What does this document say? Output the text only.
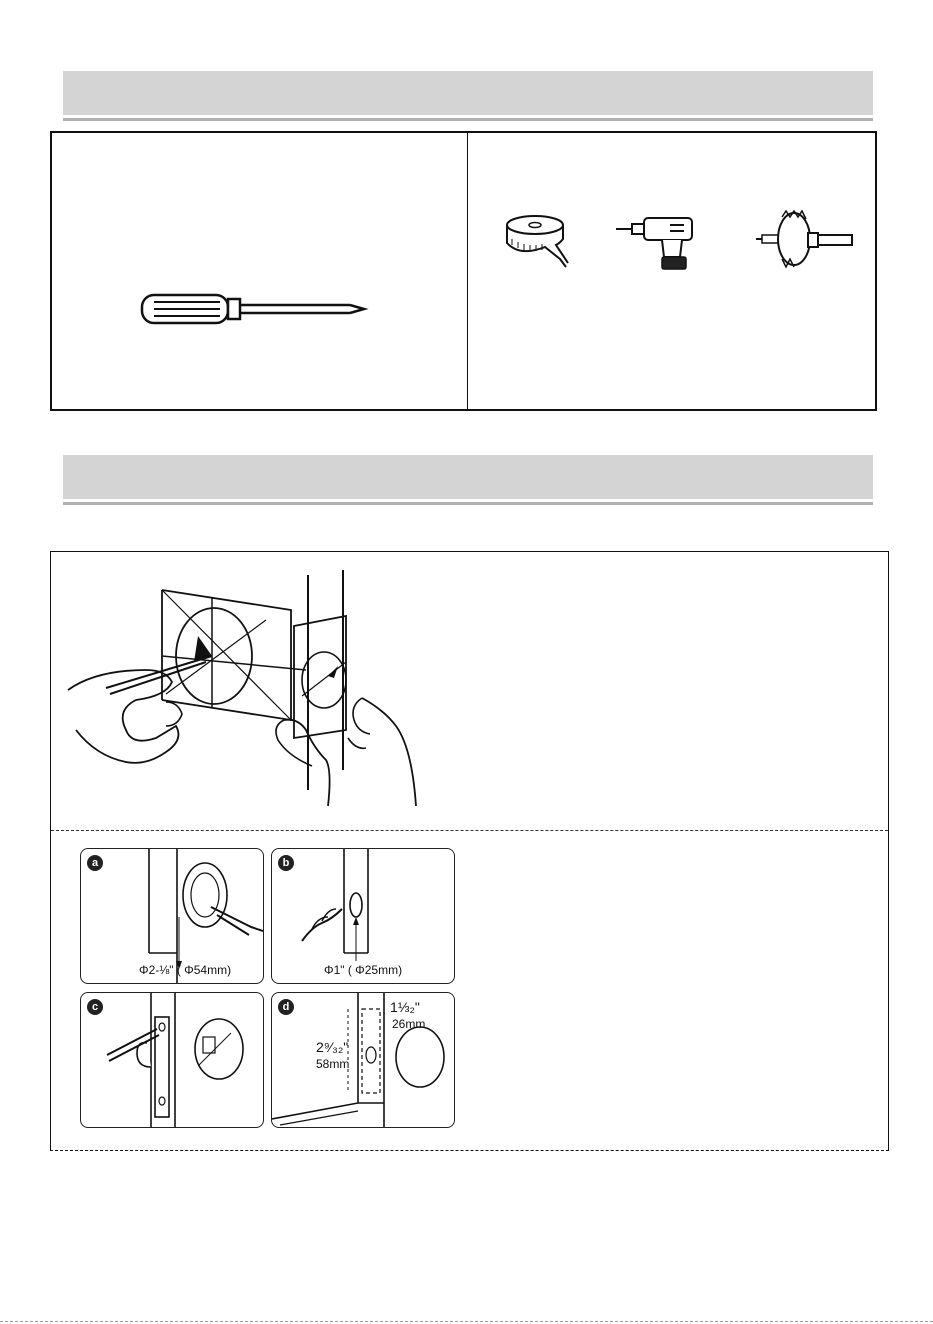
a
Φ2-⅛" ( Φ54mm)
b
Φ1" ( Φ25mm)
c	d	1⅓₂"
26mm
2⁹⁄₃₂"
58mm
